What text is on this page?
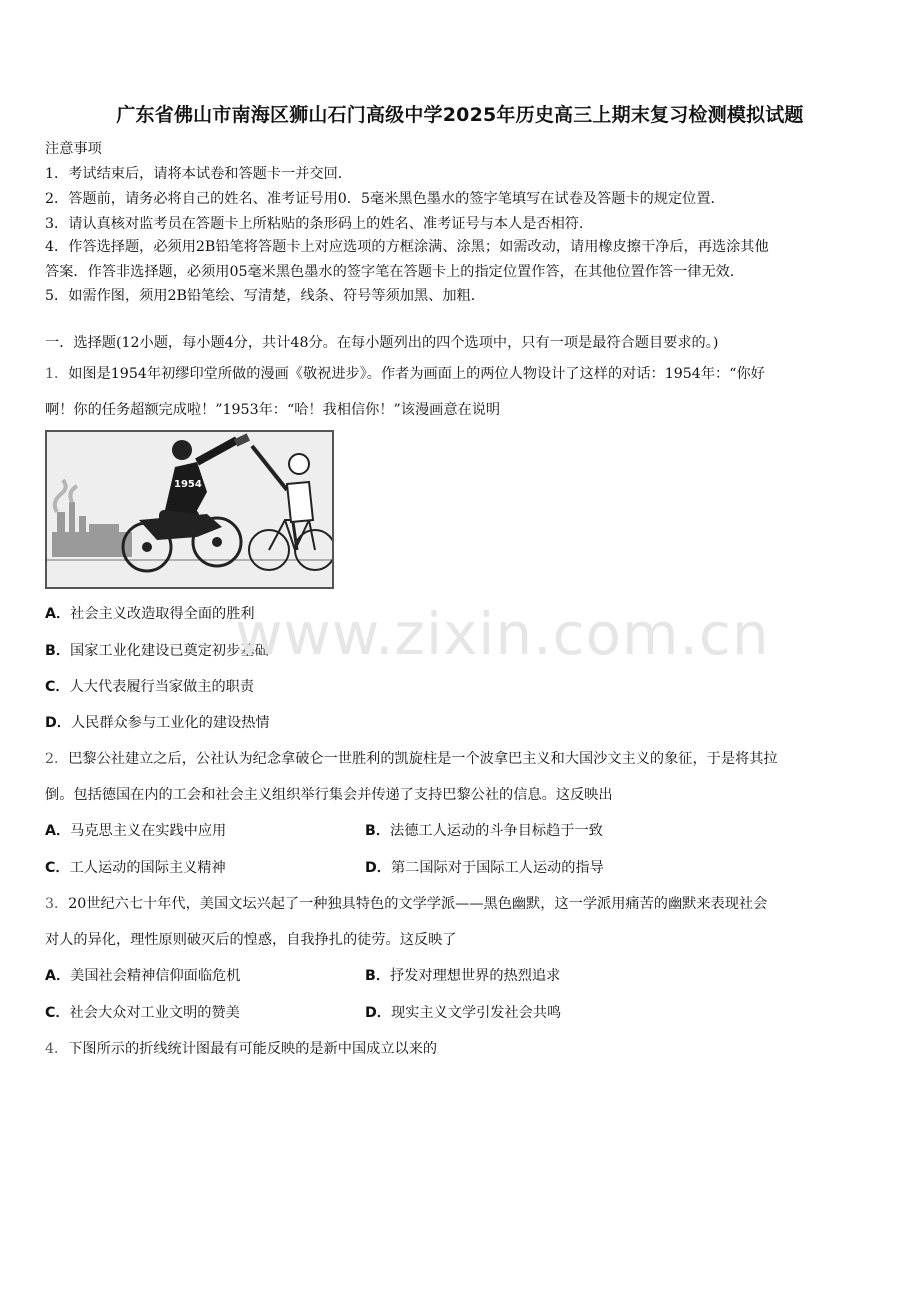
广东省佛山市南海区狮山石门高级中学2025年历史高三上期末复习检测模拟试题
注意事项
1．考试结束后，请将本试卷和答题卡一并交回．
2．答题前，请务必将自己的姓名、准考证号用0．5毫米黑色墨水的签字笔填写在试卷及答题卡的规定位置．
3．请认真核对监考员在答题卡上所粘贴的条形码上的姓名、准考证号与本人是否相符．
4．作答选择题，必须用2B铅笔将答题卡上对应选项的方框涂满、涂黑；如需改动，请用橡皮擦干净后，再选涂其他
答案．作答非选择题，必须用05毫米黑色墨水的签字笔在答题卡上的指定位置作答，在其他位置作答一律无效．
5．如需作图，须用2B铅笔绘、写清楚，线条、符号等须加黑、加粗．
一．选择题(12小题，每小题4分，共计48分。在每小题列出的四个选项中，只有一项是最符合题目要求的。)
1．如图是1954年初缪印堂所做的漫画《敬祝进步》。作者为画面上的两位人物设计了这样的对话：1954年：“你好
啊！你的任务超额完成啦！”1953年：“哈！我相信你！”该漫画意在说明
1954
A．社会主义改造取得全面的胜利
B．国家工业化建设已奠定初步基础
C．人大代表履行当家做主的职责
D．人民群众参与工业化的建设热情
www.zixin.com.cn
2．巴黎公社建立之后，公社认为纪念拿破仑一世胜利的凯旋柱是一个波拿巴主义和大国沙文主义的象征，于是将其拉
倒。包括德国在内的工会和社会主义组织举行集会并传递了支持巴黎公社的信息。这反映出
A．马克思主义在实践中应用	B．法德工人运动的斗争目标趋于一致
C．工人运动的国际主义精神	D．第二国际对于国际工人运动的指导
3．20世纪六七十年代，美国文坛兴起了一种独具特色的文学学派——黑色幽默，这一学派用痛苦的幽默来表现社会
对人的异化，理性原则破灭后的惶惑，自我挣扎的徒劳。这反映了
A．美国社会精神信仰面临危机	B．抒发对理想世界的热烈追求
C．社会大众对工业文明的赞美	D．现实主义文学引发社会共鸣
4．下图所示的折线统计图最有可能反映的是新中国成立以来的
